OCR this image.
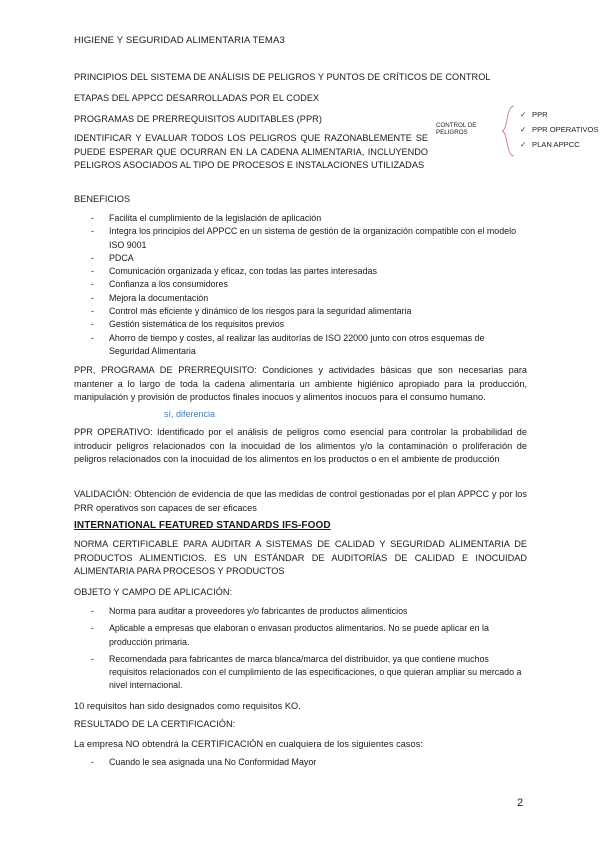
HIGIENE Y SEGURIDAD ALIMENTARIA TEMA3
PRINCIPIOS DEL SISTEMA DE ANÁLISIS DE PELIGROS Y PUNTOS DE CRÍTICOS DE CONTROL
ETAPAS DEL APPCC DESARROLLADAS POR EL CODEX
PROGRAMAS DE PRERREQUISITOS AUDITABLES (PPR)
IDENTIFICAR Y EVALUAR TODOS LOS PELIGROS QUE RAZONABLEMENTE SE PUEDE ESPERAR QUE OCURRAN EN LA CADENA ALIMENTARIA, INCLUYENDO PELIGROS ASOCIADOS AL TIPO DE PROCESOS E INSTALACIONES UTILIZADAS
CONTROL DE PELIGROS
✓ PPR
✓ PPR OPERATIVOS
✓ PLAN APPCC
BENEFICIOS
- Facilita el cumplimiento de la legislación de aplicación
- Integra los principios del APPCC en un sistema de gestión de la organización compatible con el modelo ISO 9001
- PDCA
- Comunicación organizada y eficaz, con todas las partes interesadas
- Confianza a los consumidores
- Mejora la documentación
- Control más eficiente y dinámico de los riesgos para la seguridad alimentaria
- Gestión sistemática de los requisitos previos
- Ahorro de tiempo y costes, al realizar las auditorías de ISO 22000 junto con otros esquemas de Seguridad Alimentaria
PPR, PROGRAMA DE PRERREQUISITO: Condiciones y actividades básicas que son necesarias para mantener a lo largo de toda la cadena alimentaria un ambiente higiénico apropiado para la producción, manipulación y provisión de productos finales inocuos y alimentos inocuos para el consumo humano.
sí, diferencia
PPR OPERATIVO: Identificado por el análisis de peligros como esencial para controlar la probabilidad de introducir peligros relacionados con la inocuidad de los alimentos y/o la contaminación o proliferación de peligros relacionados con la inocuidad de los alimentos en los productos o en el ambiente de producción
VALIDACIÓN: Obtención de evidencia de que las medidas de control gestionadas por el plan APPCC y por los PRR operativos son capaces de ser eficaces
INTERNATIONAL FEATURED STANDARDS IFS-FOOD
NORMA CERTIFICABLE PARA AUDITAR A SISTEMAS DE CALIDAD Y SEGURIDAD ALIMENTARIA DE PRODUCTOS ALIMENTICIOS. ES UN ESTÁNDAR DE AUDITORÍAS DE CALIDAD E INOCUIDAD ALIMENTARIA PARA PROCESOS Y PRODUCTOS
OBJETO Y CAMPO DE APLICACIÓN:
- Norma para auditar a proveedores y/o fabricantes de productos alimenticios
- Aplicable a empresas que elaboran o envasan productos alimentarios. No se puede aplicar en la producción primaria.
- Recomendada para fabricantes de marca blanca/marca del distribuidor, ya que contiene muchos requisitos relacionados con el cumplimiento de las especificaciones, o que quieran ampliar su mercado a nivel internacional.
10 requisitos han sido designados como requisitos KO.
RESULTADO DE LA CERTIFICACIÓN:
La empresa NO obtendrá la CERTIFICACIÓN en cualquiera de los siguientes casos:
- Cuando le sea asignada una No Conformidad Mayor
2
